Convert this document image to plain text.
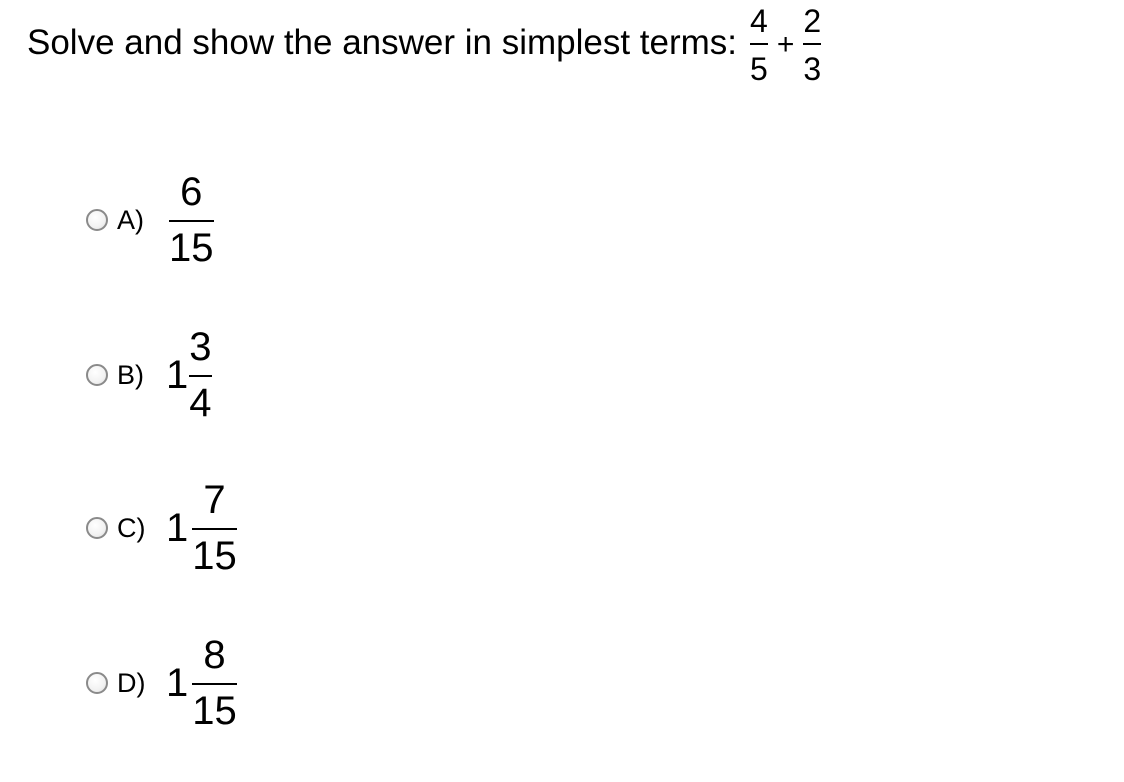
Solve and show the answer in simplest terms: $\frac{4}{5} + \frac{2}{3}$
$A) \frac{6}{15}$
B) $1 \frac{3}{4}$
C) $1 \frac{7}{15}$
D) $1 \frac{8}{15}$
